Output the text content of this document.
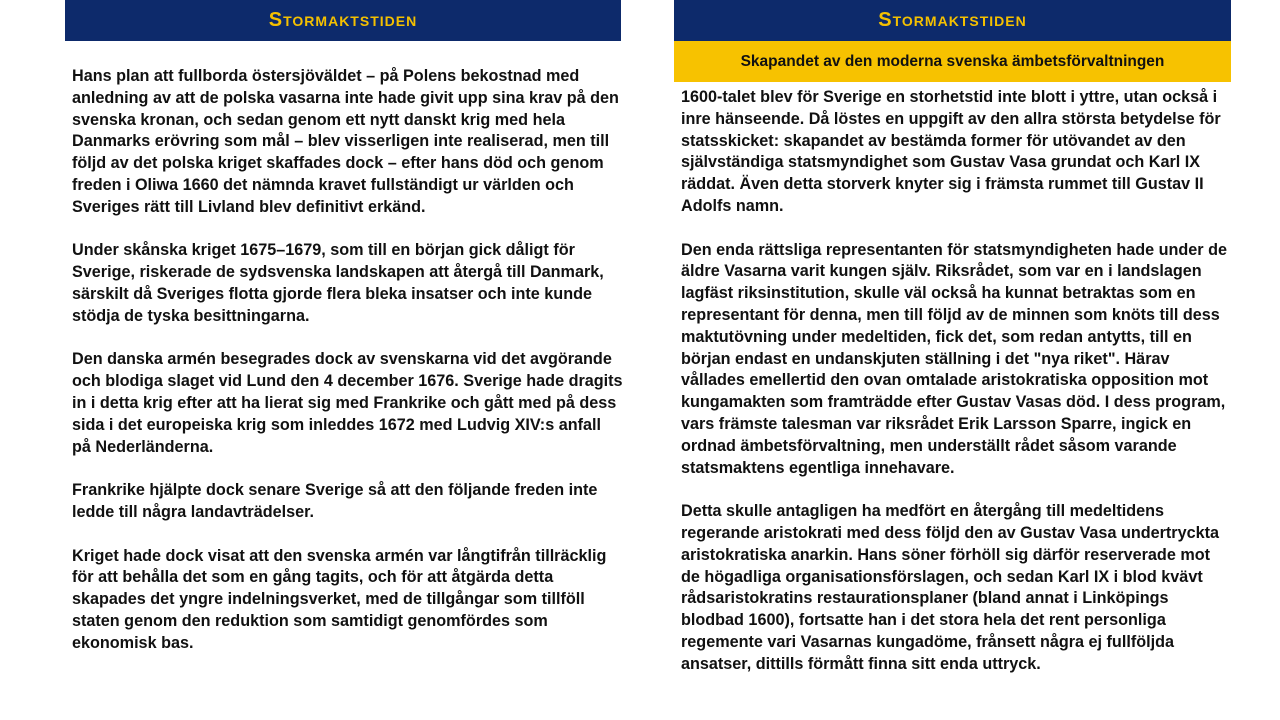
Stormaktstiden

Hans plan att fullborda östersjöväldet – på Polens bekostnad med anledning av att de polska vasarna inte hade givit upp sina krav på den svenska kronan, och sedan genom ett nytt danskt krig med hela Danmarks erövring som mål – blev visserligen inte realiserad, men till följd av det polska kriget skaffades dock – efter hans död och genom freden i Oliwa 1660 det nämnda kravet fullständigt ur världen och Sveriges rätt till Livland blev definitivt erkänd.

Under skånska kriget 1675–1679, som till en början gick dåligt för Sverige, riskerade de sydsvenska landskapen att återgå till Danmark, särskilt då Sveriges flotta gjorde flera bleka insatser och inte kunde stödja de tyska besittningarna.

Den danska armén besegrades dock av svenskarna vid det avgörande och blodiga slaget vid Lund den 4 december 1676. Sverige hade dragits in i detta krig efter att ha lierat sig med Frankrike och gått med på dess sida i det europeiska krig som inleddes 1672 med Ludvig XIV:s anfall på Nederländerna.

Frankrike hjälpte dock senare Sverige så att den följande freden inte ledde till några landavträdelser.

Kriget hade dock visat att den svenska armén var långtifrån tillräcklig för att behålla det som en gång tagits, och för att åtgärda detta skapades det yngre indelningsverket, med de tillgångar som tillföll staten genom den reduktion som samtidigt genomfördes som ekonomisk bas.

Stormaktstiden
Skapandet av den moderna svenska ämbetsförvaltningen

1600-talet blev för Sverige en storhetstid inte blott i yttre, utan också i inre hänseende. Då löstes en uppgift av den allra största betydelse för statsskicket: skapandet av bestämda former för utövandet av den självständiga statsmyndighet som Gustav Vasa grundat och Karl IX räddat. Även detta storverk knyter sig i främsta rummet till Gustav II Adolfs namn.

Den enda rättsliga representanten för statsmyndigheten hade under de äldre Vasarna varit kungen själv. Riksrådet, som var en i landslagen lagfäst riksinstitution, skulle väl också ha kunnat betraktas som en representant för denna, men till följd av de minnen som knöts till dess maktutövning under medeltiden, fick det, som redan antytts, till en början endast en undanskjuten ställning i det "nya riket". Härav vållades emellertid den ovan omtalade aristokratiska opposition mot kungamakten som framträdde efter Gustav Vasas död. I dess program, vars främste talesman var riksrådet Erik Larsson Sparre, ingick en ordnad ämbetsförvaltning, men underställt rådet såsom varande statsmaktens egentliga innehavare.

Detta skulle antagligen ha medfört en återgång till medeltidens regerande aristokrati med dess följd den av Gustav Vasa undertryckta aristokratiska anarkin. Hans söner förhöll sig därför reserverade mot de högadliga organisationsförslagen, och sedan Karl IX i blod kvävt rådsaristokratins restaurationsplaner (bland annat i Linköpings blodbad 1600), fortsatte han i det stora hela det rent personliga regemente vari Vasarnas kungadöme, frånsett några ej fullföljda ansatser, dittills förmått finna sitt enda uttryck.
